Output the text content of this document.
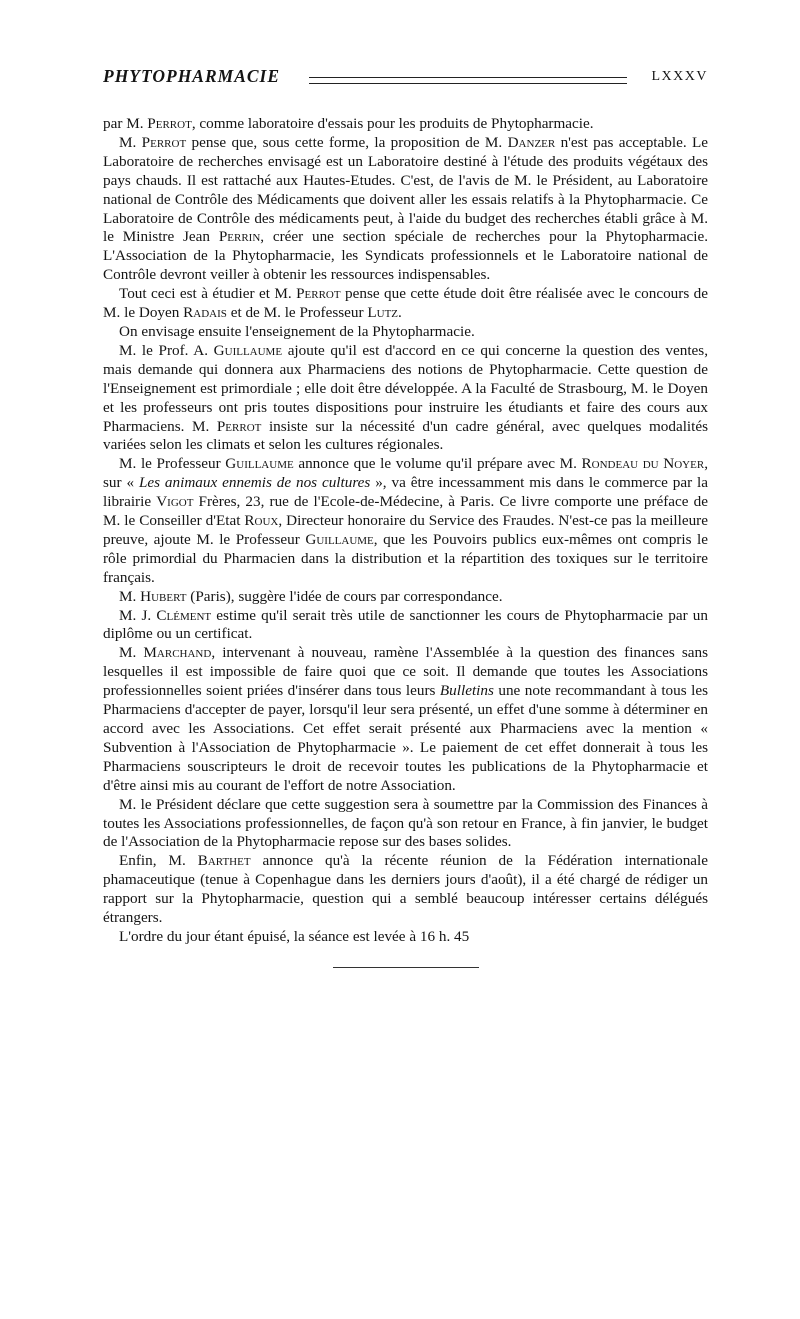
PHYTOPHARMACIE	LXXXV

par M. Perrot, comme laboratoire d'essais pour les produits de Phytopharmacie.

M. Perrot pense que, sous cette forme, la proposition de M. Danzer n'est pas acceptable. Le Laboratoire de recherches envisagé est un Laboratoire destiné à l'étude des produits végétaux des pays chauds. Il est rattaché aux Hautes-Etudes. C'est, de l'avis de M. le Président, au Laboratoire national de Contrôle des Médicaments que doivent aller les essais relatifs à la Phytopharmacie. Ce Laboratoire de Contrôle des médicaments peut, à l'aide du budget des recherches établi grâce à M. le Ministre Jean Perrin, créer une section spéciale de recherches pour la Phytopharmacie. L'Association de la Phytopharmacie, les Syndicats professionnels et le Laboratoire national de Contrôle devront veiller à obtenir les ressources indispensables.

Tout ceci est à étudier et M. Perrot pense que cette étude doit être réalisée avec le concours de M. le Doyen Radais et de M. le Professeur Lutz.

On envisage ensuite l'enseignement de la Phytopharmacie.

M. le Prof. A. Guillaume ajoute qu'il est d'accord en ce qui concerne la question des ventes, mais demande qui donnera aux Pharmaciens des notions de Phytopharmacie. Cette question de l'Enseignement est primordiale ; elle doit être développée. A la Faculté de Strasbourg, M. le Doyen et les professeurs ont pris toutes dispositions pour instruire les étudiants et faire des cours aux Pharmaciens. M. Perrot insiste sur la nécessité d'un cadre général, avec quelques modalités variées selon les climats et selon les cultures régionales.

M. le Professeur Guillaume annonce que le volume qu'il prépare avec M. Rondeau du Noyer, sur « Les animaux ennemis de nos cultures », va être incessamment mis dans le commerce par la librairie Vigot Frères, 23, rue de l'Ecole-de-Médecine, à Paris. Ce livre comporte une préface de M. le Conseiller d'Etat Roux, Directeur honoraire du Service des Fraudes. N'est-ce pas la meilleure preuve, ajoute M. le Professeur Guillaume, que les Pouvoirs publics eux-mêmes ont compris le rôle primordial du Pharmacien dans la distribution et la répartition des toxiques sur le territoire français.

M. Hubert (Paris), suggère l'idée de cours par correspondance.

M. J. Clément estime qu'il serait très utile de sanctionner les cours de Phytopharmacie par un diplôme ou un certificat.

M. Marchand, intervenant à nouveau, ramène l'Assemblée à la question des finances sans lesquelles il est impossible de faire quoi que ce soit. Il demande que toutes les Associations professionnelles soient priées d'insérer dans tous leurs Bulletins une note recommandant à tous les Pharmaciens d'accepter de payer, lorsqu'il leur sera présenté, un effet d'une somme à déterminer en accord avec les Associations. Cet effet serait présenté aux Pharmaciens avec la mention « Subvention à l'Association de Phytopharmacie ». Le paiement de cet effet donnerait à tous les Pharmaciens souscripteurs le droit de recevoir toutes les publications de la Phytopharmacie et d'être ainsi mis au courant de l'effort de notre Association.

M. le Président déclare que cette suggestion sera à soumettre par la Commission des Finances à toutes les Associations professionnelles, de façon qu'à son retour en France, à fin janvier, le budget de l'Association de la Phytopharmacie repose sur des bases solides.

Enfin, M. Barthet annonce qu'à la récente réunion de la Fédération internationale phamaceutique (tenue à Copenhague dans les derniers jours d'août), il a été chargé de rédiger un rapport sur la Phytopharmacie, question qui a semblé beaucoup intéresser certains délégués étrangers.

L'ordre du jour étant épuisé, la séance est levée à 16 h. 45
